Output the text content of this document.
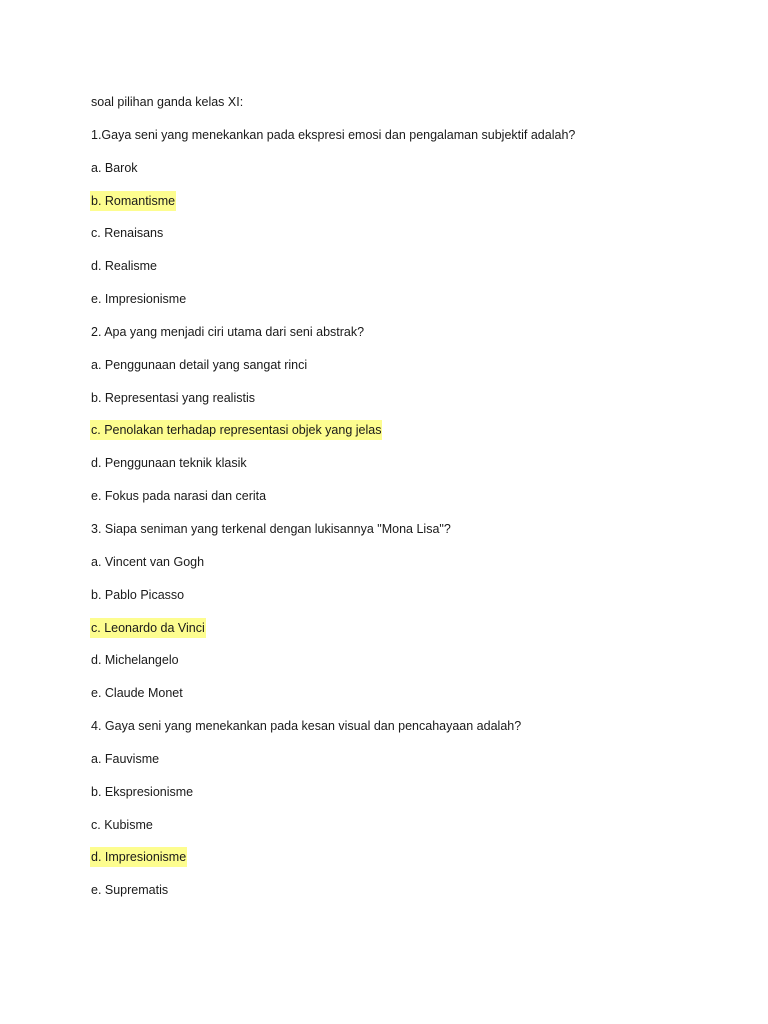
soal pilihan ganda kelas XI:
1.Gaya seni yang menekankan pada ekspresi emosi dan pengalaman subjektif adalah?
a. Barok
b. Romantisme
c. Renaisans
d. Realisme
e. Impresionisme
2. Apa yang menjadi ciri utama dari seni abstrak?
a. Penggunaan detail yang sangat rinci
b. Representasi yang realistis
c. Penolakan terhadap representasi objek yang jelas
d. Penggunaan teknik klasik
e. Fokus pada narasi dan cerita
3. Siapa seniman yang terkenal dengan lukisannya "Mona Lisa"?
a. Vincent van Gogh
b. Pablo Picasso
c. Leonardo da Vinci
d. Michelangelo
e. Claude Monet
4. Gaya seni yang menekankan pada kesan visual dan pencahayaan adalah?
a. Fauvisme
b. Ekspresionisme
c. Kubisme
d. Impresionisme
e. Suprematis
